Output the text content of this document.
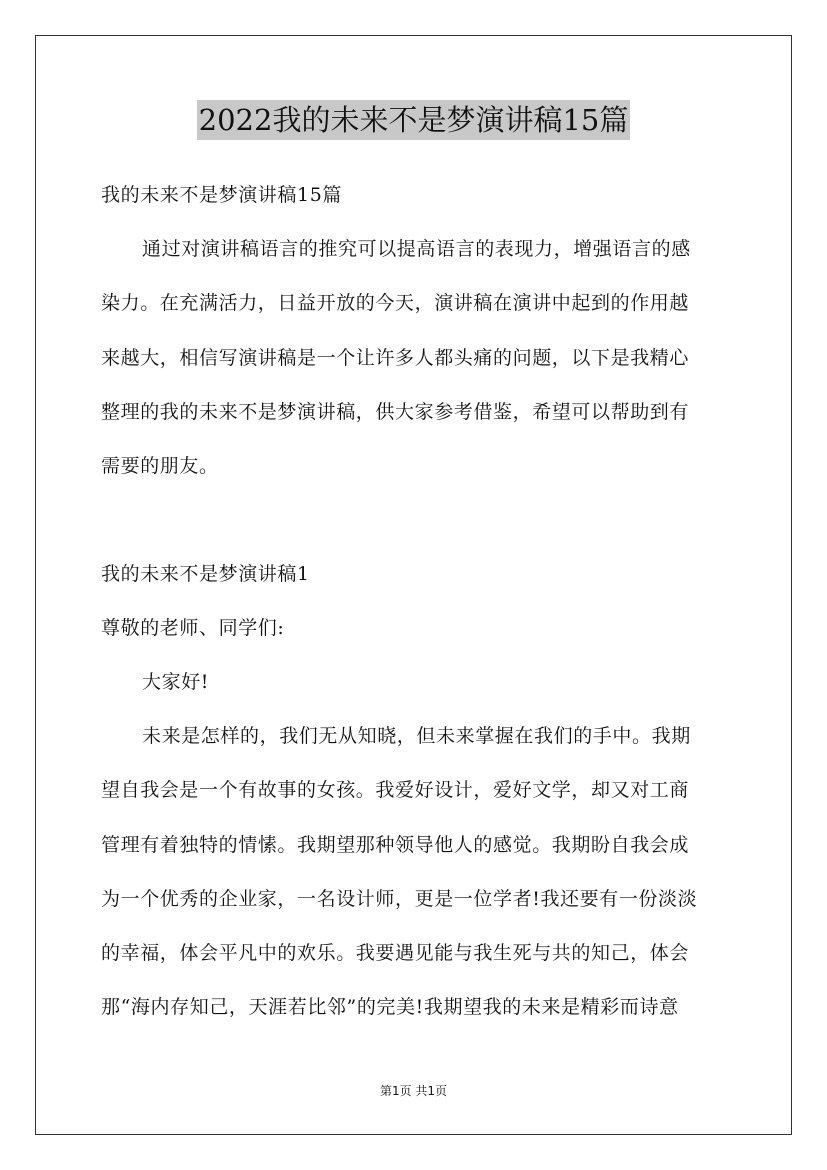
2022我的未来不是梦演讲稿15篇
我的未来不是梦演讲稿15篇
通过对演讲稿语言的推究可以提高语言的表现力，增强语言的感
染力。在充满活力，日益开放的今天，演讲稿在演讲中起到的作用越
来越大，相信写演讲稿是一个让许多人都头痛的问题，以下是我精心
整理的我的未来不是梦演讲稿，供大家参考借鉴，希望可以帮助到有
需要的朋友。
我的未来不是梦演讲稿1
尊敬的老师、同学们:
大家好!
未来是怎样的，我们无从知晓，但未来掌握在我们的手中。我期
望自我会是一个有故事的女孩。我爱好设计，爱好文学，却又对工商
管理有着独特的情愫。我期望那种领导他人的感觉。我期盼自我会成
为一个优秀的企业家，一名设计师，更是一位学者!我还要有一份淡淡
的幸福，体会平凡中的欢乐。我要遇见能与我生死与共的知己，体会
那“海内存知己，天涯若比邻”的完美!我期望我的未来是精彩而诗意
第1页 共1页
